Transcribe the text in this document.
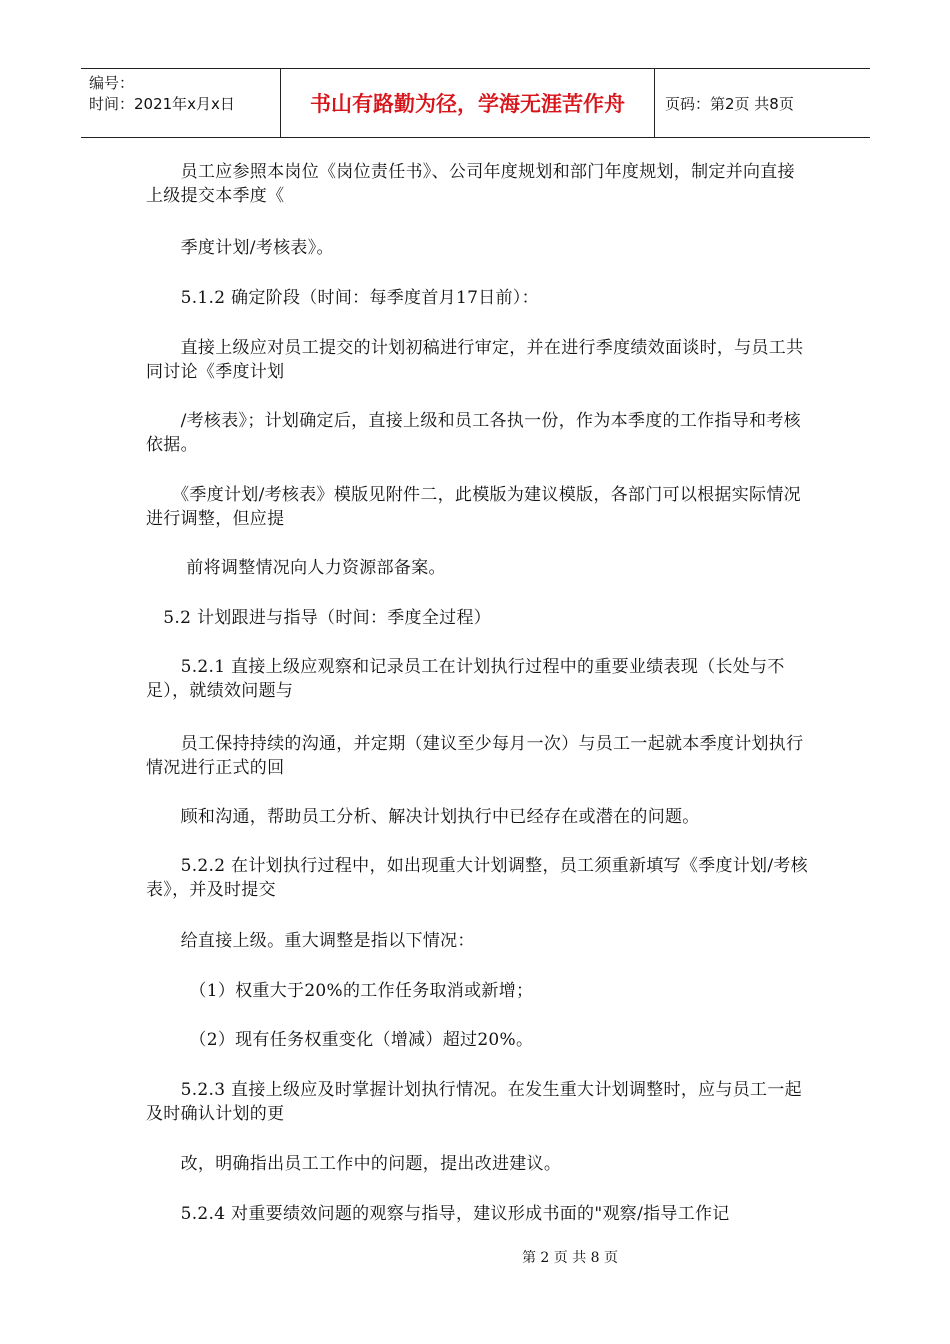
编号：
时间：2021年x月x日	书山有路勤为径，学海无涯苦作舟	页码：第2页 共8页

　　员工应参照本岗位《岗位责任书》、公司年度规划和部门年度规划，制定并向直接上级提交本季度《

　　季度计划/考核表》。

　　5.1.2 确定阶段（时间：每季度首月17日前）：

　　直接上级应对员工提交的计划初稿进行审定，并在进行季度绩效面谈时，与员工共同讨论《季度计划

　　/考核表》；计划确定后，直接上级和员工各执一份，作为本季度的工作指导和考核依据。

　　《季度计划/考核表》模版见附件二，此模版为建议模版，各部门可以根据实际情况进行调整，但应提

　　 前将调整情况向人力资源部备案。

　5.2 计划跟进与指导（时间：季度全过程）

　　5.2.1 直接上级应观察和记录员工在计划执行过程中的重要业绩表现（长处与不足），就绩效问题与

　　员工保持持续的沟通，并定期（建议至少每月一次）与员工一起就本季度计划执行情况进行正式的回

　　顾和沟通，帮助员工分析、解决计划执行中已经存在或潜在的问题。

　　5.2.2 在计划执行过程中，如出现重大计划调整，员工须重新填写《季度计划/考核表》，并及时提交

　　给直接上级。重大调整是指以下情况：

　　　（1）权重大于20%的工作任务取消或新增；

　　　（2）现有任务权重变化（增减）超过20%。

　　5.2.3 直接上级应及时掌握计划执行情况。在发生重大计划调整时，应与员工一起及时确认计划的更

　　改，明确指出员工工作中的问题，提出改进建议。

　　5.2.4 对重要绩效问题的观察与指导，建议形成书面的"观察/指导工作记

第 2 页 共 8 页
